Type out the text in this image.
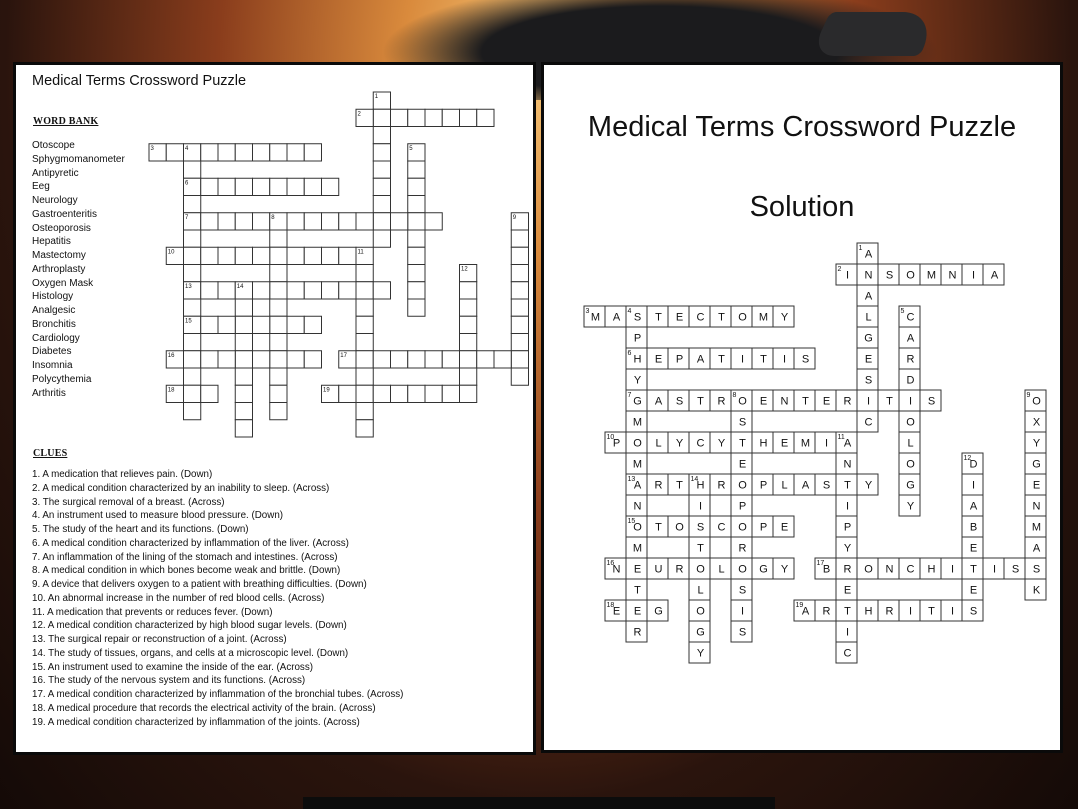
Medical Terms Crossword Puzzle
WORD BANK
Otoscope
Sphygmomanometer
Antipyretic
Eeg
Neurology
Gastroenteritis
Osteoporosis
Hepatitis
Mastectomy
Arthroplasty
Oxygen Mask
Histology
Analgesic
Bronchitis
Cardiology
Diabetes
Insomnia
Polycythemia
Arthritis
1
2
3	4
6
7
13
15
5
8	9
10	11
12
14
16	17
18	19
CLUES
1. A medication that relieves pain. (Down)
2. A medical condition characterized by an inability to sleep. (Across)
3. The surgical removal of a breast. (Across)
4. An instrument used to measure blood pressure. (Down)
5. The study of the heart and its functions. (Down)
6. A medical condition characterized by inflammation of the liver. (Across)
7. An inflammation of the lining of the stomach and intestines. (Across)
8. A medical condition in which bones become weak and brittle. (Down)
9. A device that delivers oxygen to a patient with breathing difficulties. (Down)
10. An abnormal increase in the number of red blood cells. (Across)
11. A medication that prevents or reduces fever. (Down)
12. A medical condition characterized by high blood sugar levels. (Down)
13. The surgical repair or reconstruction of a joint. (Across)
14. The study of tissues, organs, and cells at a microscopic level. (Down)
15. An instrument used to examine the inside of the ear. (Across)
16. The study of the nervous system and its functions. (Across)
17. A medical condition characterized by inflammation of the bronchial tubes. (Across)
18. A medical procedure that records the electrical activity of the brain. (Across)
19. A medical condition characterized by inflammation of the joints. (Across)
Medical Terms Crossword Puzzle
Solution
1 A
N
A
L
G
E
S
I
C
2 I	S O M N I A
3 M A 4 S T E C T O M Y
P
6 H
Y
7 G
M
O
M
13
A
N
15
O
M
E
T
E
R
5 C
A
R
D
I
O
L
O
G
Y
E P A T I T I S
A S T R 8 O E N T E R	T	S
S
T
E
O
P
O
R
O
S
I
S
9 O
X
Y
G
E
N
M
A
S
K
10
P	L Y C Y	H E M I 11 A
N
T
I
P
Y
R
E
T
I
C
12
D
I
A
B
E
T
E
S
R T 14
H R	P L A S	Y
I
S
T
O
L
O
G
Y
T O	C	P E
16
N	U R	L	G Y	17
B	O N C H I	I S
18
E	G	19
A R	H R I T I
